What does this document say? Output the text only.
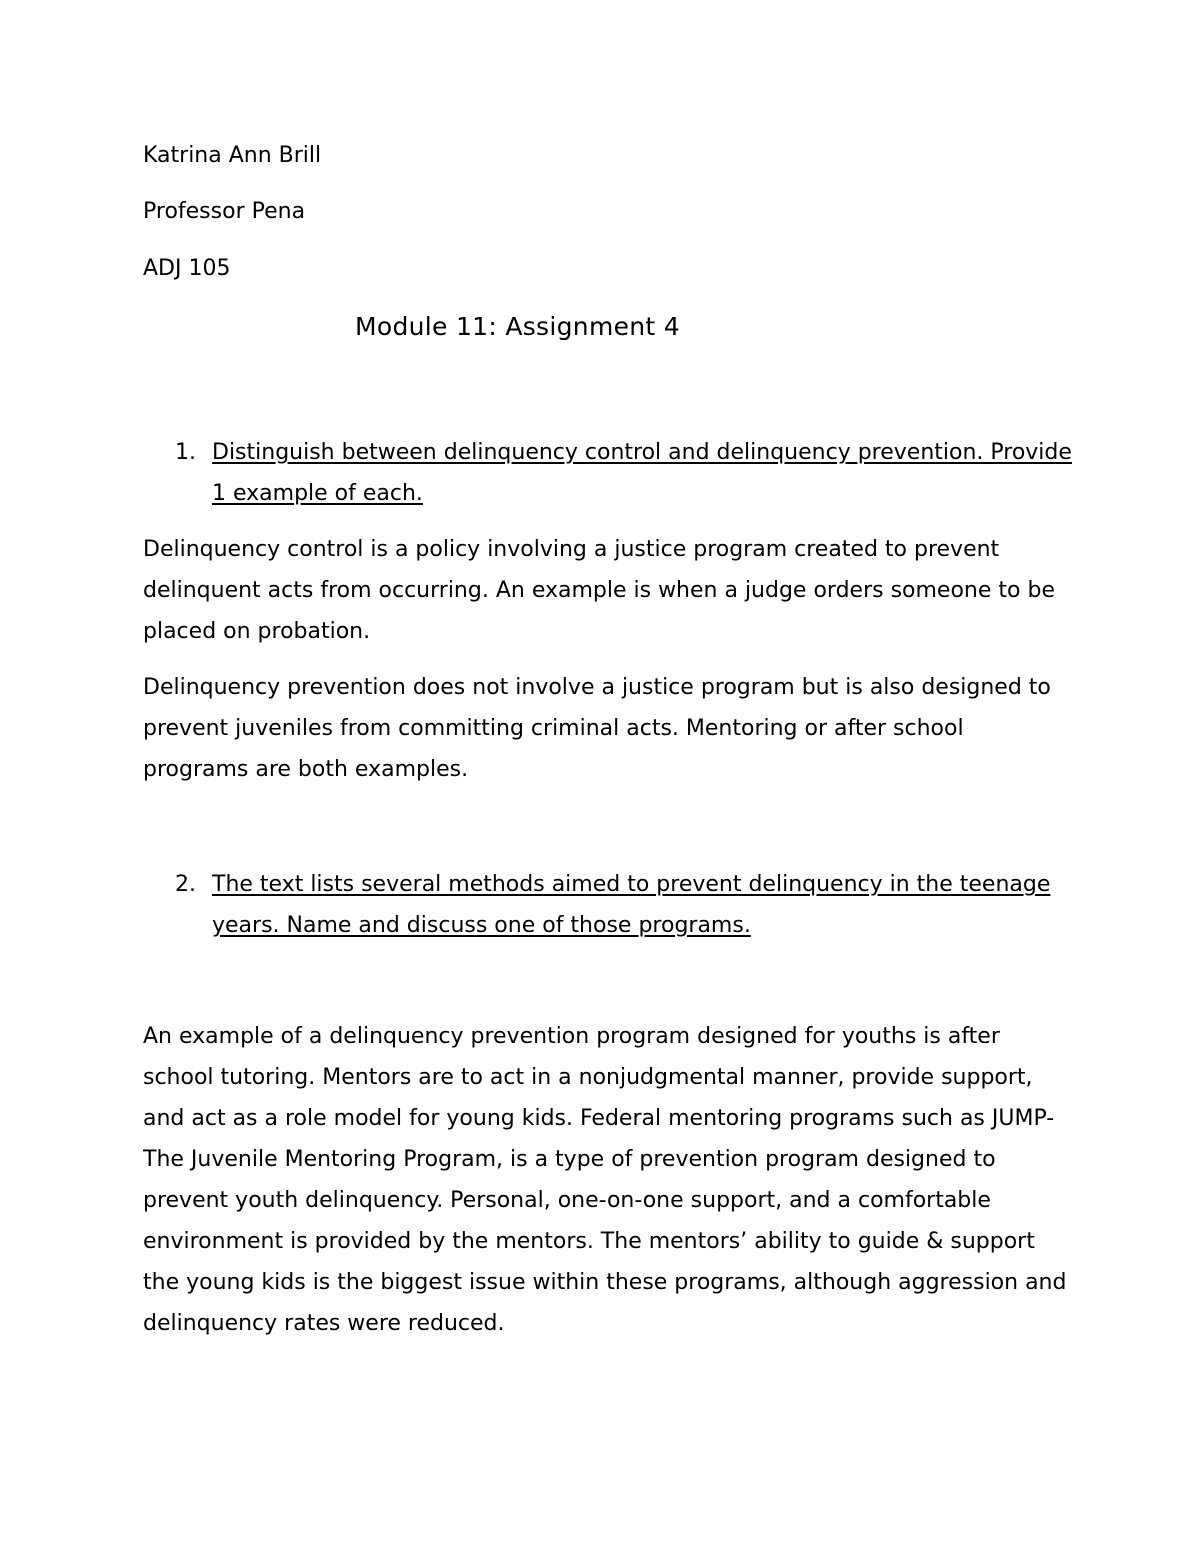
Katrina Ann Brill
Professor Pena
ADJ 105
Module 11: Assignment 4
1. Distinguish between delinquency control and delinquency prevention. Provide 1 example of each.
Delinquency control is a policy involving a justice program created to prevent delinquent acts from occurring. An example is when a judge orders someone to be placed on probation.
Delinquency prevention does not involve a justice program but is also designed to prevent juveniles from committing criminal acts. Mentoring or after school programs are both examples.
2. The text lists several methods aimed to prevent delinquency in the teenage years. Name and discuss one of those programs.
An example of a delinquency prevention program designed for youths is after school tutoring. Mentors are to act in a nonjudgmental manner, provide support, and act as a role model for young kids. Federal mentoring programs such as JUMP- The Juvenile Mentoring Program, is a type of prevention program designed to prevent youth delinquency. Personal, one-on-one support, and a comfortable environment is provided by the mentors. The mentors’ ability to guide & support the young kids is the biggest issue within these programs, although aggression and delinquency rates were reduced.
